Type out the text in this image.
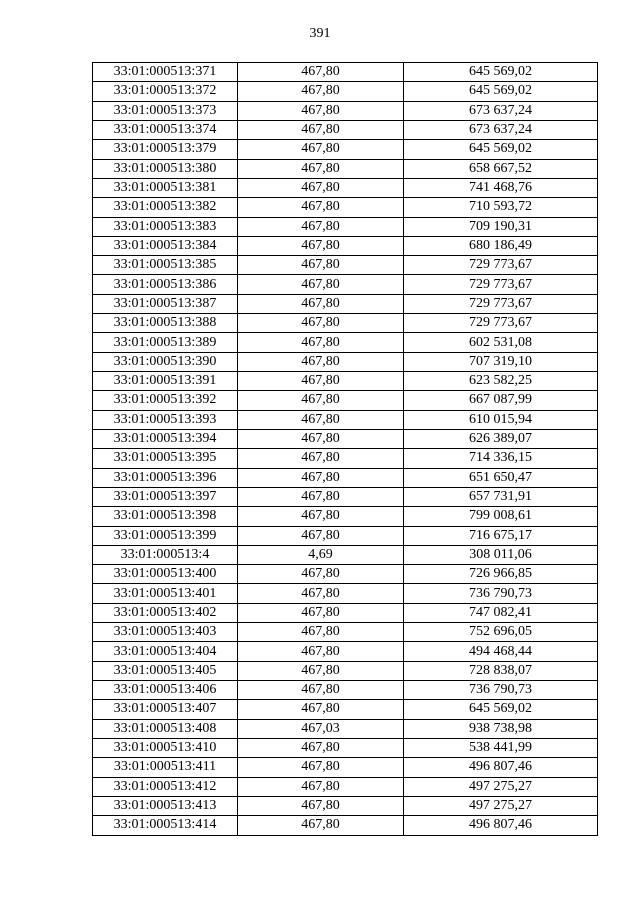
391
33:01:000513:371	467,80	645 569,02
33:01:000513:372	467,80	645 569,02
33:01:000513:373	467,80	673 637,24
33:01:000513:374	467,80	673 637,24
33:01:000513:379	467,80	645 569,02
33:01:000513:380	467,80	658 667,52
33:01:000513:381	467,80	741 468,76
33:01:000513:382	467,80	710 593,72
33:01:000513:383	467,80	709 190,31
33:01:000513:384	467,80	680 186,49
33:01:000513:385	467,80	729 773,67
33:01:000513:386	467,80	729 773,67
33:01:000513:387	467,80	729 773,67
33:01:000513:388	467,80	729 773,67
33:01:000513:389	467,80	602 531,08
33:01:000513:390	467,80	707 319,10
33:01:000513:391	467,80	623 582,25
33:01:000513:392	467,80	667 087,99
33:01:000513:393	467,80	610 015,94
33:01:000513:394	467,80	626 389,07
33:01:000513:395	467,80	714 336,15
33:01:000513:396	467,80	651 650,47
33:01:000513:397	467,80	657 731,91
33:01:000513:398	467,80	799 008,61
33:01:000513:399	467,80	716 675,17
33:01:000513:4	4,69	308 011,06
33:01:000513:400	467,80	726 966,85
33:01:000513:401	467,80	736 790,73
33:01:000513:402	467,80	747 082,41
33:01:000513:403	467,80	752 696,05
33:01:000513:404	467,80	494 468,44
33:01:000513:405	467,80	728 838,07
33:01:000513:406	467,80	736 790,73
33:01:000513:407	467,80	645 569,02
33:01:000513:408	467,03	938 738,98
33:01:000513:410	467,80	538 441,99
33:01:000513:411	467,80	496 807,46
33:01:000513:412	467,80	497 275,27
33:01:000513:413	467,80	497 275,27
33:01:000513:414	467,80	496 807,46
